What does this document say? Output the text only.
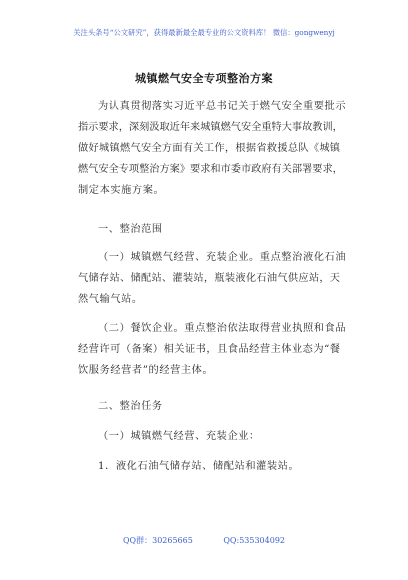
关注头条号“公文研究”，获得最新最全最专业的公文资料库！ 微信：gongwenyj
城镇燃气安全专项整治方案
为认真贯彻落实习近平总书记关于燃气安全重要批示
指示要求，深刻汲取近年来城镇燃气安全重特大事故教训，
做好城镇燃气安全方面有关工作，根据省救援总队《城镇
燃气安全专项整治方案》要求和市委市政府有关部署要求，
制定本实施方案。
一、整治范围
（一）城镇燃气经营、充装企业。重点整治液化石油
气储存站、储配站、灌装站，瓶装液化石油气供应站，天
然气输气站。
（二）餐饮企业。重点整治依法取得营业执照和食品
经营许可（备案）相关证书，且食品经营主体业态为“餐
饮服务经营者”的经营主体。
二、整治任务
（一）城镇燃气经营、充装企业：
1．液化石油气储存站、储配站和灌装站。
QQ群：30265665	QQ:535304092
